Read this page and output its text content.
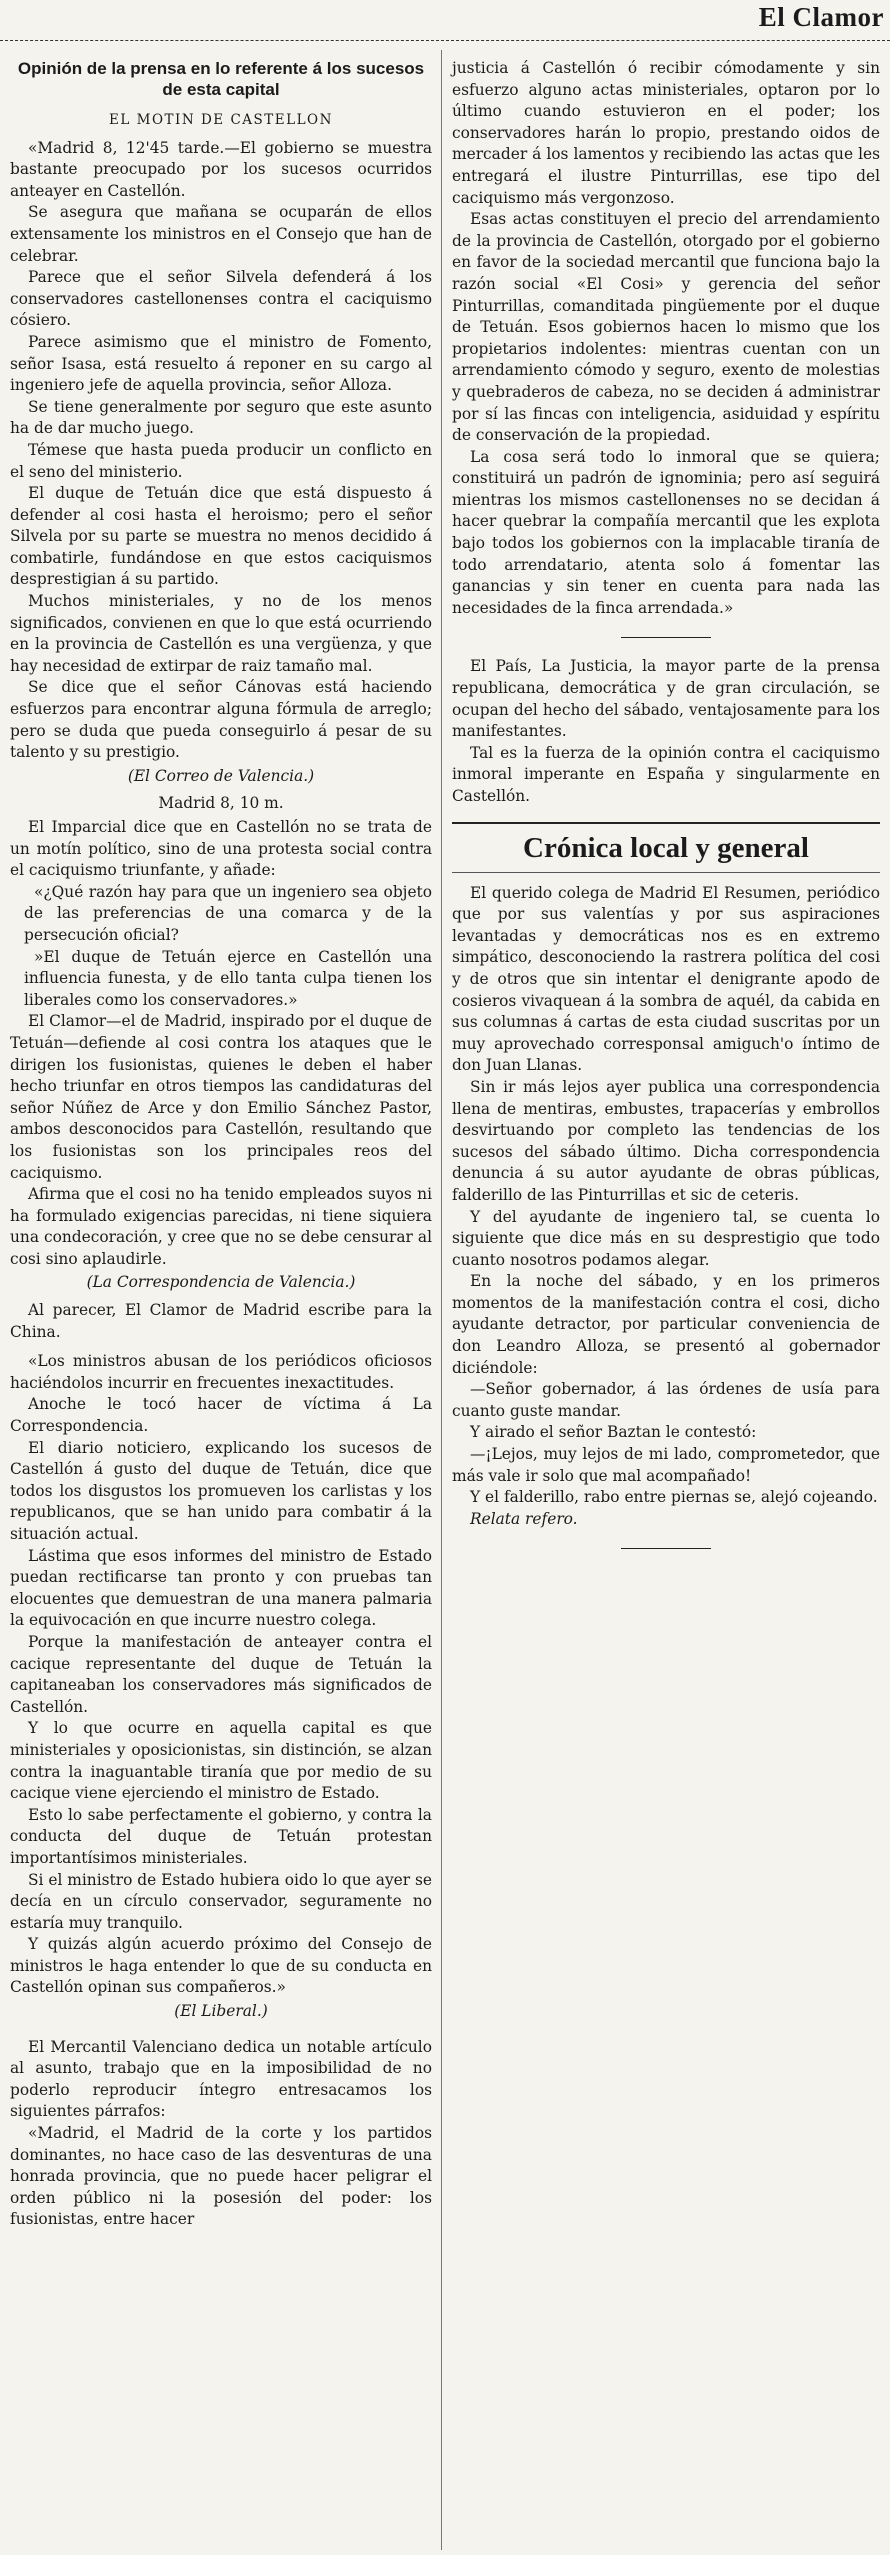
El Clamor
Opinión de la prensa en lo referente á los sucesos de esta capital
EL MOTIN DE CASTELLON

«Madrid 8, 12'45 tarde.—El gobierno se muestra bastante preocupado por los sucesos ocurridos anteayer en Castellón.

Se asegura que mañana se ocuparán de ellos extensamente los ministros en el Consejo que han de celebrar.

Parece que el señor Silvela defenderá á los conservadores castellonenses contra el caciquismo cósiero.

Parece asimismo que el ministro de Fomento, señor Isasa, está resuelto á reponer en su cargo al ingeniero jefe de aquella provincia, señor Alloza.

Se tiene generalmente por seguro que este asunto ha de dar mucho juego.

Témese que hasta pueda producir un conflicto en el seno del ministerio.

El duque de Tetuán dice que está dispuesto á defender al cosi hasta el heroismo; pero el señor Silvela por su parte se muestra no menos decidido á combatirle, fundándose en que estos caciquismos desprestigian á su partido.

Muchos ministeriales, y no de los menos significados, convienen en que lo que está ocurriendo en la provincia de Castellón es una vergüenza, y que hay necesidad de extirpar de raiz tamaño mal.

Se dice que el señor Cánovas está haciendo esfuerzos para encontrar alguna fórmula de arreglo; pero se duda que pueda conseguirlo á pesar de su talento y su prestigio.

(El Correo de Valencia.)
Madrid 8, 10 m.

El Imparcial dice que en Castellón no se trata de un motín político, sino de una protesta social contra el caciquismo triunfante, y añade:

«¿Qué razón hay para que un ingeniero sea objeto de las preferencias de una comarca y de la persecución oficial?

»El duque de Tetuán ejerce en Castellón una influencia funesta, y de ello tanta culpa tienen los liberales como los conservadores.»

El Clamor—el de Madrid, inspirado por el duque de Tetuán—defiende al cosi contra los ataques que le dirigen los fusionistas, quienes le deben el haber hecho triunfar en otros tiempos las candidaturas del señor Núñez de Arce y don Emilio Sánchez Pastor, ambos desconocidos para Castellón, resultando que los fusionistas son los principales reos del caciquismo.

Afirma que el cosi no ha tenido empleados suyos ni ha formulado exigencias parecidas, ni tiene siquiera una condecoración, y cree que no se debe censurar al cosi sino aplaudirle.

(La Correspondencia de Valencia.)

Al parecer, El Clamor de Madrid escribe para la China.

«Los ministros abusan de los periódicos oficiosos haciéndolos incurrir en frecuentes inexactitudes.

Anoche le tocó hacer de víctima á La Correspondencia.

El diario noticiero, explicando los sucesos de Castellón á gusto del duque de Tetuán, dice que todos los disgustos los promueven los carlistas y los republicanos, que se han unido para combatir á la situación actual.

Lástima que esos informes del ministro de Estado puedan rectificarse tan pronto y con pruebas tan elocuentes que demuestran de una manera palmaria la equivocación en que incurre nuestro colega.

Porque la manifestación de anteayer contra el cacique representante del duque de Tetuán la capitaneaban los conservadores más significados de Castellón.

Y lo que ocurre en aquella capital es que ministeriales y oposicionistas, sin distinción, se alzan contra la inaguantable tiranía que por medio de su cacique viene ejerciendo el ministro de Estado.

Esto lo sabe perfectamente el gobierno, y contra la conducta del duque de Tetuán protestan importantísimos ministeriales.

Si el ministro de Estado hubiera oido lo que ayer se decía en un círculo conservador, seguramente no estaría muy tranquilo.

Y quizás algún acuerdo próximo del Consejo de ministros le haga entender lo que de su conducta en Castellón opinan sus compañeros.»

(El Liberal.)

El Mercantil Valenciano dedica un notable artículo al asunto, trabajo que en la imposibilidad de no poderlo reproducir íntegro entresacamos los siguientes párrafos:

«Madrid, el Madrid de la corte y los partidos dominantes, no hace caso de las desventuras de una honrada provincia, que no puede hacer peligrar el orden público ni la posesión del poder: los fusionistas, entre hacer

justicia á Castellón ó recibir cómodamente y sin esfuerzo alguno actas ministeriales, optaron por lo último cuando estuvieron en el poder; los conservadores harán lo propio, prestando oidos de mercader á los lamentos y recibiendo las actas que les entregará el ilustre Pinturrillas, ese tipo del caciquismo más vergonzoso.

Esas actas constituyen el precio del arrendamiento de la provincia de Castellón, otorgado por el gobierno en favor de la sociedad mercantil que funciona bajo la razón social «El Cosi» y gerencia del señor Pinturrillas, comanditada pingüemente por el duque de Tetuán. Esos gobiernos hacen lo mismo que los propietarios indolentes: mientras cuentan con un arrendamiento cómodo y seguro, exento de molestias y quebraderos de cabeza, no se deciden á administrar por sí las fincas con inteligencia, asiduidad y espíritu de conservación de la propiedad.

La cosa será todo lo inmoral que se quiera; constituirá un padrón de ignominia; pero así seguirá mientras los mismos castellonenses no se decidan á hacer quebrar la compañía mercantil que les explota bajo todos los gobiernos con la implacable tiranía de todo arrendatario, atenta solo á fomentar las ganancias y sin tener en cuenta para nada las necesidades de la finca arrendada.»

El País, La Justicia, la mayor parte de la prensa republicana, democrática y de gran circulación, se ocupan del hecho del sábado, ventajosamente para los manifestantes.

Tal es la fuerza de la opinión contra el caciquismo inmoral imperante en España y singularmente en Castellón.

Crónica local y general

El querido colega de Madrid El Resumen, periódico que por sus valentías y por sus aspiraciones levantadas y democráticas nos es en extremo simpático, desconociendo la rastrera política del cosi y de otros que sin intentar el denigrante apodo de cosieros vivaquean á la sombra de aquél, da cabida en sus columnas á cartas de esta ciudad suscritas por un muy aprovechado corresponsal amiguch'o íntimo de don Juan Llanas.

Sin ir más lejos ayer publica una correspondencia llena de mentiras, embustes, trapacerías y embrollos desvirtuando por completo las tendencias de los sucesos del sábado último. Dicha correspondencia denuncia á su autor ayudante de obras públicas, falderillo de las Pinturrillas et sic de ceteris.

Y del ayudante de ingeniero tal, se cuenta lo siguiente que dice más en su desprestigio que todo cuanto nosotros podamos alegar.

En la noche del sábado, y en los primeros momentos de la manifestación contra el cosi, dicho ayudante detractor, por particular conveniencia de don Leandro Alloza, se presentó al gobernador diciéndole:

—Señor gobernador, á las órdenes de usía para cuanto guste mandar.

Y airado el señor Baztan le contestó:

—¡Lejos, muy lejos de mi lado, comprometedor, que más vale ir solo que mal acompañado!

Y el falderillo, rabo entre piernas se, alejó cojeando.

Relata refero.
